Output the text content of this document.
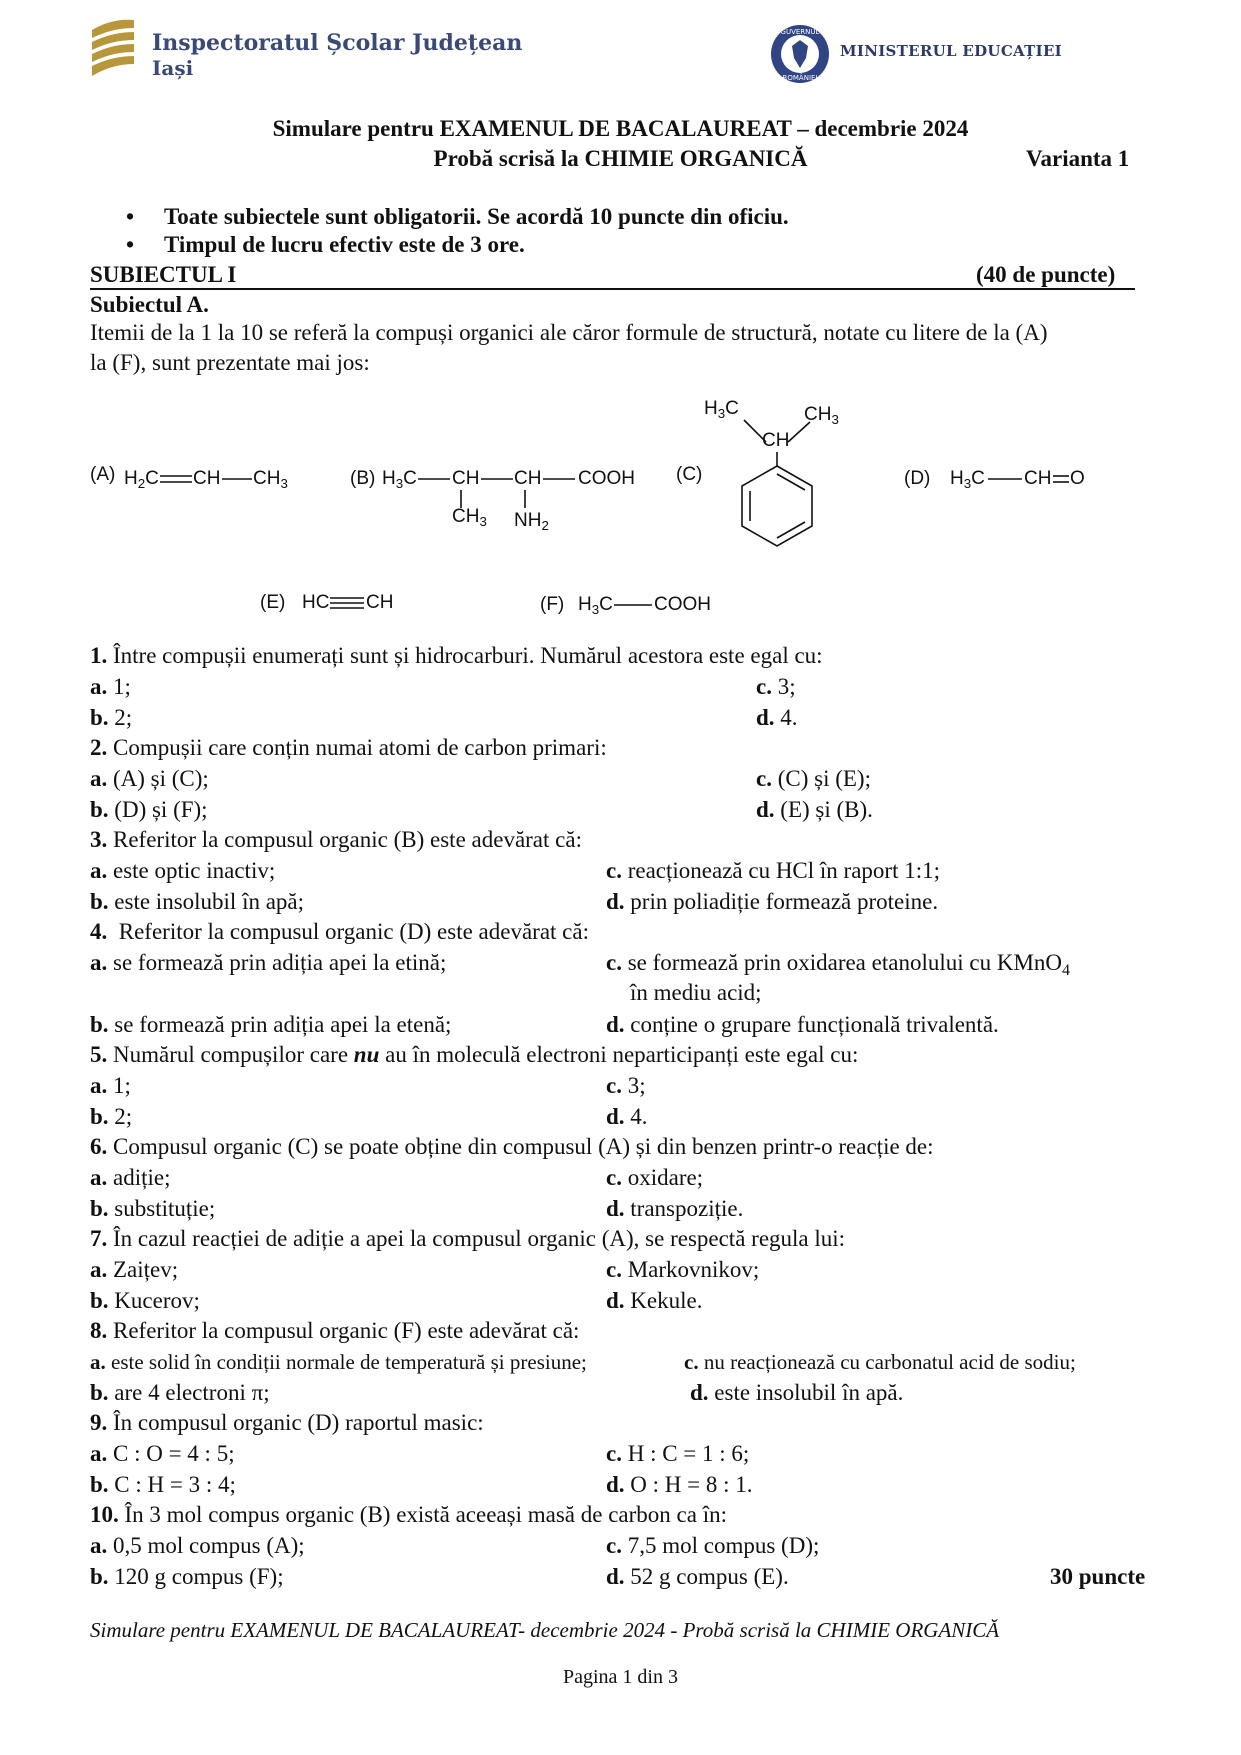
Inspectoratul Școlar Județean
Iași
GUVERNUL
ROMÂNIEI
MINISTERUL EDUCAȚIEI
Simulare pentru EXAMENUL DE BACALAUREAT – decembrie 2024
Probă scrisă la CHIMIE ORGANICĂ	Varianta 1
• Toate subiectele sunt obligatorii. Se acordă 10 puncte din oficiu.
• Timpul de lucru efectiv este de 3 ore.
SUBIECTUL I	(40 de puncte)
Subiectul A.
Itemii de la 1 la 10 se referă la compuși organici ale căror formule de structură, notate cu litere de la (A)
la (F), sunt prezentate mai jos:
(A) $H_2C$ CH $CH_3$	(B) $H_3C$ CH CH COOH
$CH_3$ $NH_2$
(C)
$H_3C$	$CH_3$
CH
(D) $H_3C$ CH O
(E) HC CH	(F) $H_3C$ COOH
1. Între compușii enumerați sunt și hidrocarburi. Numărul acestora este egal cu:
a. 1;	c. 3;
b. 2;	d. 4.
2. Compușii care conțin numai atomi de carbon primari:
a. (A) și (C);	c. (C) și (E);
b. (D) și (F);	d. (E) și (B).
3. Referitor la compusul organic (B) este adevărat că:
a. este optic inactiv;	c. reacționează cu HCl în raport 1:1;
b. este insolubil în apă;	d. prin poliadiție formează proteine.
4. Referitor la compusul organic (D) este adevărat că:
a. se formează prin adiția apei la etină;	c. se formează prin oxidarea etanolului cu KMnO$_4$
în mediu acid;
b. se formează prin adiția apei la etenă;	d. conține o grupare funcțională trivalentă.
5. Numărul compușilor care nu au în moleculă electroni neparticipanți este egal cu:
a. 1;	c. 3;
b. 2;	d. 4.
6. Compusul organic (C) se poate obține din compusul (A) și din benzen printr-o reacție de:
a. adiție;	c. oxidare;
b. substituție;	d. transpoziție.
7. În cazul reacției de adiție a apei la compusul organic (A), se respectă regula lui:
a. Zaițev;	c. Markovnikov;
b. Kucerov;	d. Kekule.
8. Referitor la compusul organic (F) este adevărat că:
a. este solid în condiții normale de temperatură și presiune;	c. nu reacționează cu carbonatul acid de sodiu;
b. are 4 electroni π;	d. este insolubil în apă.
9. În compusul organic (D) raportul masic:
a. C : O = 4 : 5;	c. H : C = 1 : 6;
b. C : H = 3 : 4;	d. O : H = 8 : 1.
10. În 3 mol compus organic (B) există aceeași masă de carbon ca în:
a. 0,5 mol compus (A);	c. 7,5 mol compus (D);
b. 120 g compus (F);	d. 52 g compus (E).	30 puncte
Simulare pentru EXAMENUL DE BACALAUREAT- decembrie 2024 - Probă scrisă la CHIMIE ORGANICĂ
Pagina 1 din 3
